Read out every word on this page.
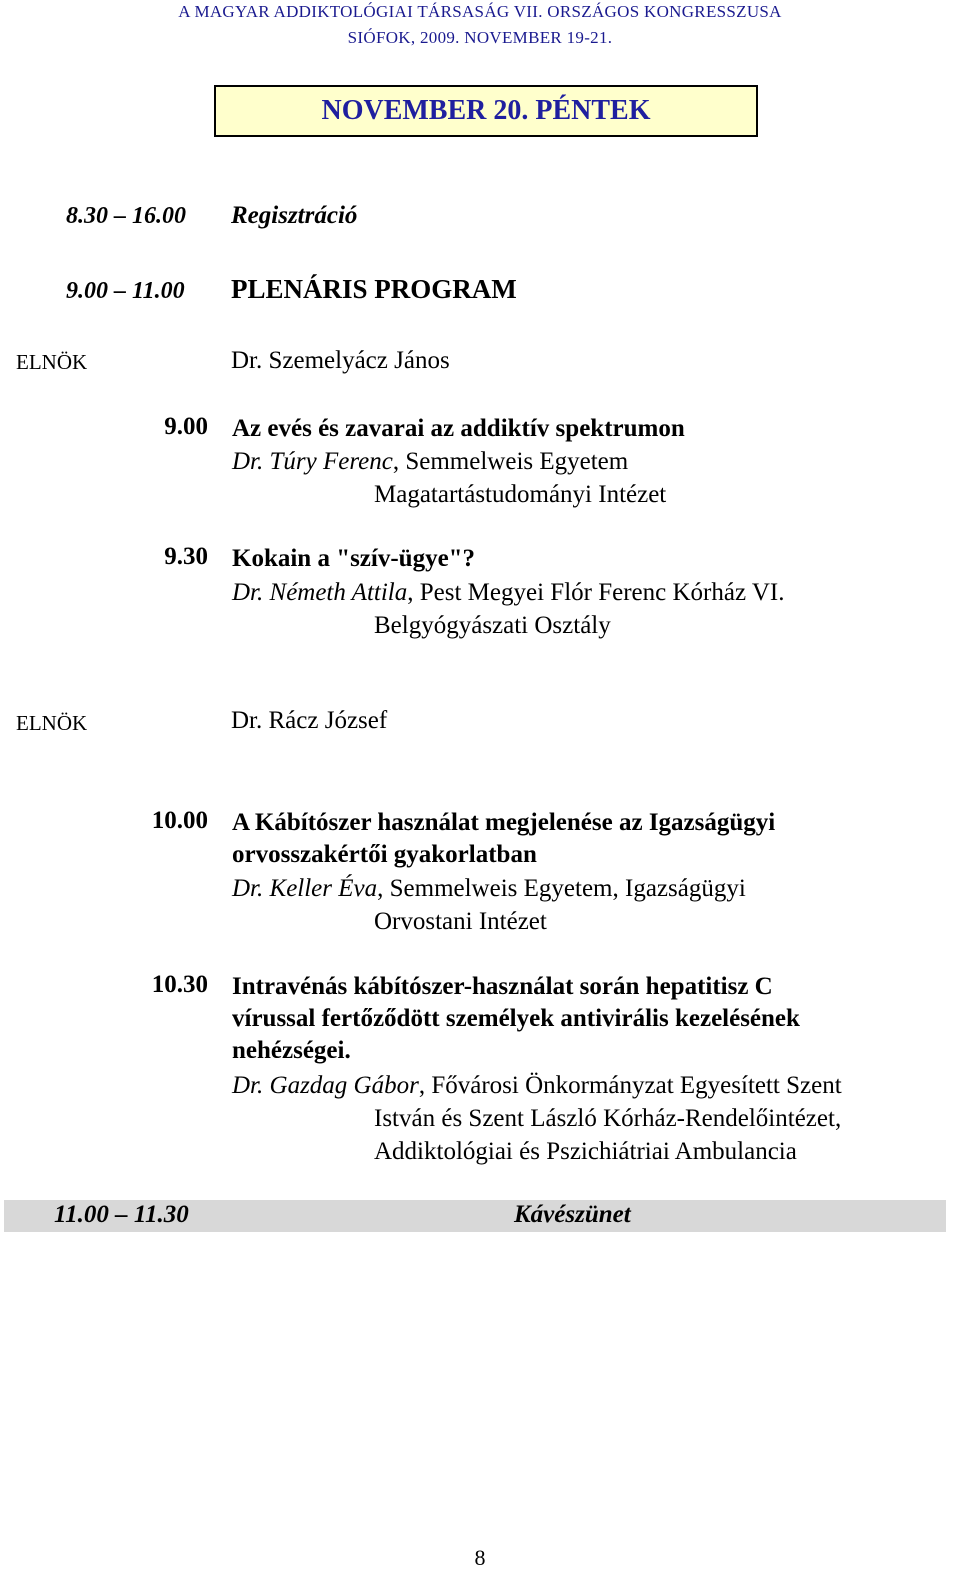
A MAGYAR ADDIKTOLÓGIAI TÁRSASÁG VII. ORSZÁGOS KONGRESSZUSA
SIÓFOK, 2009. NOVEMBER 19-21.
NOVEMBER 20. PÉNTEK
8.30 – 16.00 Regisztráció
9.00 – 11.00 PLENÁRIS PROGRAM
ELNÖK	Dr. Szemelyácz János
9.00 Az evés és zavarai az addiktív spektrumon
Dr. Túry Ferenc, Semmelweis Egyetem
Magatartástudományi Intézet
9.30 Kokain a "szív-ügye"?
Dr. Németh Attila, Pest Megyei Flór Ferenc Kórház VI.
Belgyógyászati Osztály
ELNÖK	Dr. Rácz József
10.00 A Kábítószer használat megjelenése az Igazságügyi
orvosszakértői gyakorlatban
Dr. Keller Éva, Semmelweis Egyetem, Igazságügyi
Orvostani Intézet
10.30 Intravénás kábítószer-használat során hepatitisz C
vírussal fertőződött személyek antivirális kezelésének
nehézségei.
Dr. Gazdag Gábor, Fővárosi Önkormányzat Egyesített Szent
István és Szent László Kórház-Rendelőintézet,
Addiktológiai és Pszichiátriai Ambulancia
11.00 – 11.30	Kávészünet
8
